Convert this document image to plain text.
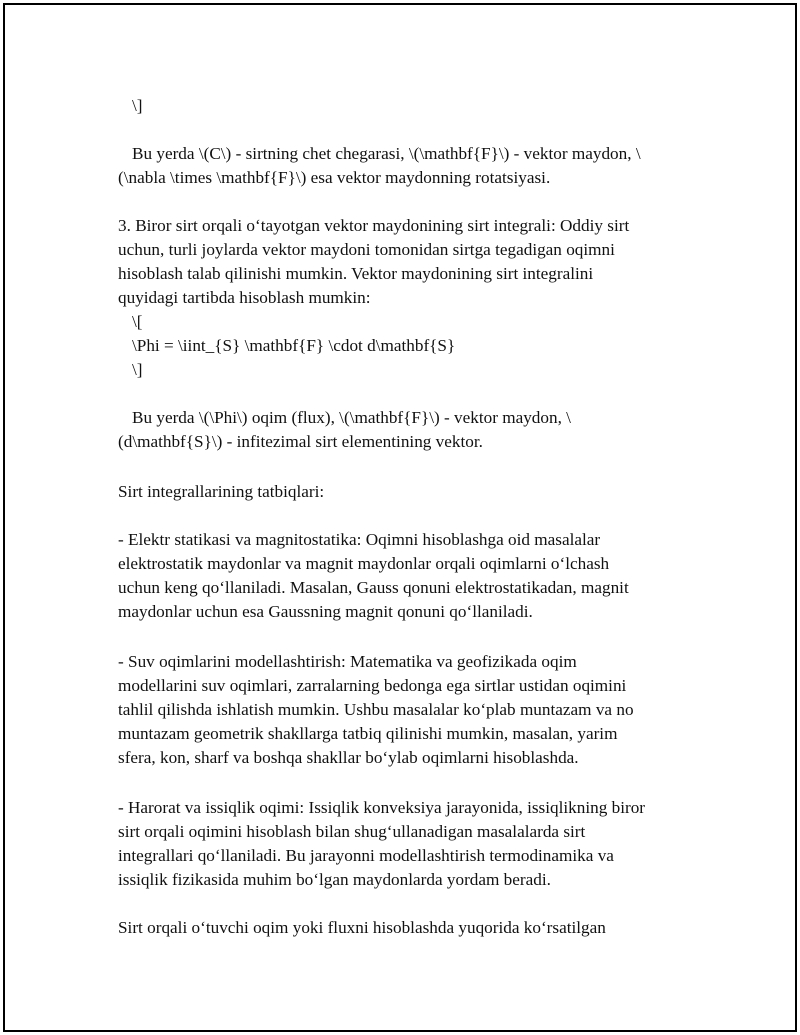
\]
Bu yerda \(C\) - sirtning chet chegarasi, \(\mathbf{F}\) - vektor maydon, \
(\nabla \times \mathbf{F}\) esa vektor maydonning rotatsiyasi.
3. Biror sirt orqali oʻtayotgan vektor maydonining sirt integrali: Oddiy sirt
uchun, turli joylarda vektor maydoni tomonidan sirtga tegadigan oqimni
hisoblash talab qilinishi mumkin. Vektor maydonining sirt integralini
quyidagi tartibda hisoblash mumkin:
\[
\Phi = \iint_{S} \mathbf{F} \cdot d\mathbf{S}
\]
Bu yerda \(\Phi\) oqim (flux), \(\mathbf{F}\) - vektor maydon, \
(d\mathbf{S}\) - infitezimal sirt elementining vektor.
Sirt integrallarining tatbiqlari:
- Elektr statikasi va magnitostatika: Oqimni hisoblashga oid masalalar
elektrostatik maydonlar va magnit maydonlar orqali oqimlarni oʻlchash
uchun keng qoʻllaniladi. Masalan, Gauss qonuni elektrostatikadan, magnit
maydonlar uchun esa Gaussning magnit qonuni qoʻllaniladi.
- Suv oqimlarini modellashtirish: Matematika va geofizikada oqim
modellarini suv oqimlari, zarralarning bedonga ega sirtlar ustidan oqimini
tahlil qilishda ishlatish mumkin. Ushbu masalalar koʻplab muntazam va no
muntazam geometrik shakllarga tatbiq qilinishi mumkin, masalan, yarim
sfera, kon, sharf va boshqa shakllar boʻylab oqimlarni hisoblashda.
- Harorat va issiqlik oqimi: Issiqlik konveksiya jarayonida, issiqlikning biror
sirt orqali oqimini hisoblash bilan shugʻullanadigan masalalarda sirt
integrallari qoʻllaniladi. Bu jarayonni modellashtirish termodinamika va
issiqlik fizikasida muhim boʻlgan maydonlarda yordam beradi.
Sirt orqali oʻtuvchi oqim yoki fluxni hisoblashda yuqorida koʻrsatilgan
